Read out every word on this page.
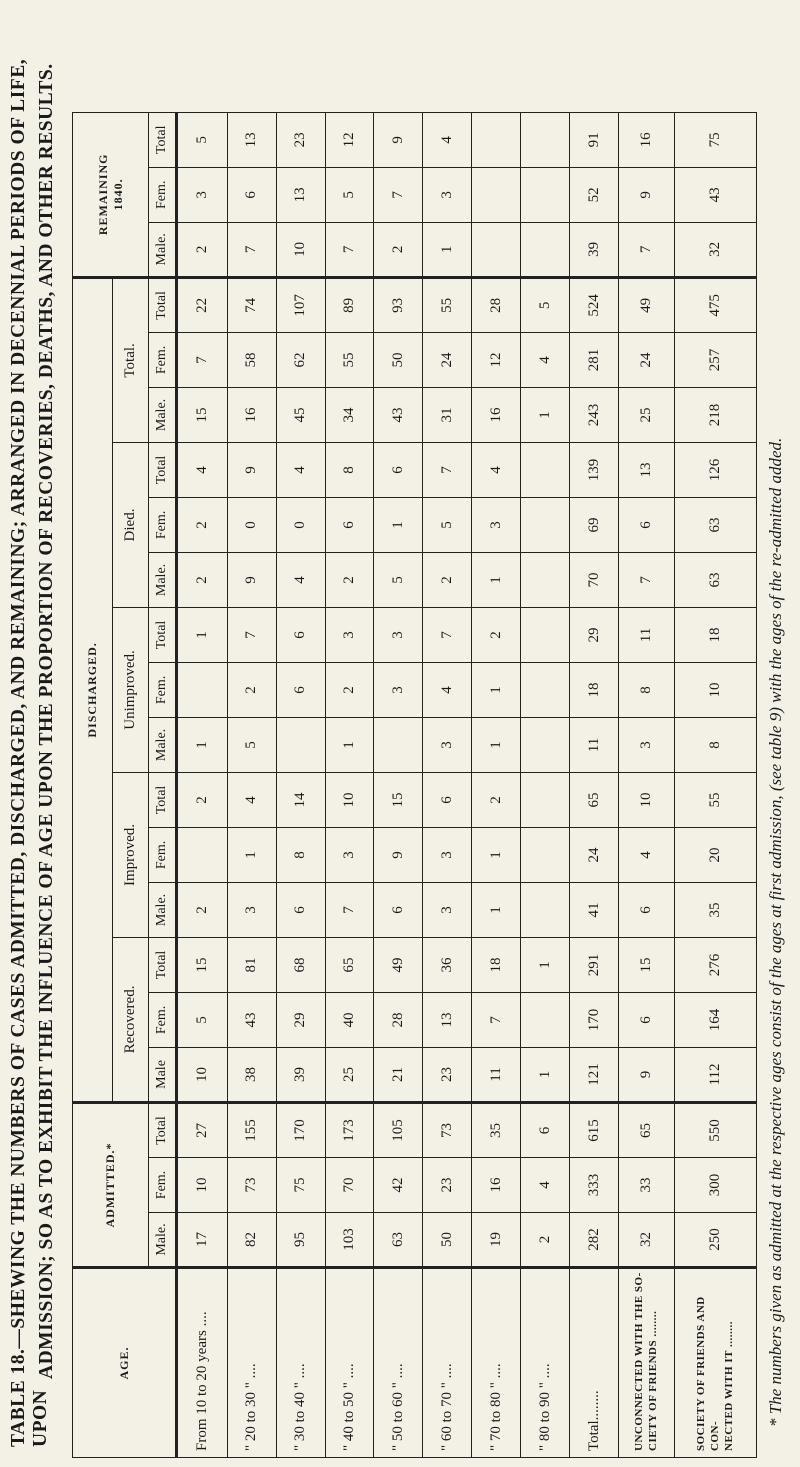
TABLE 18.—SHEWING THE NUMBERS OF CASES ADMITTED, DISCHARGED, AND REMAINING; ARRANGED IN DECENNIAL PERIODS OF LIFE, UPON
ADMISSION; SO AS TO EXHIBIT THE INFLUENCE OF AGE UPON THE PROPORTION OF RECOVERIES, DEATHS, AND OTHER RESULTS.	AGE.	ADMITTED.*			DISCHARGED.															REMAINING
1840.		
				Recovered.			Improved.			Unimproved.			Died.			Total.					
	Male.	Fem.	Total	Male	Fem.	Total	Male.	Fem.	Total	Male.	Fem.	Total	Male.	Fem.	Total	Male.	Fem.	Total	Male.	Fem.	Total
From 10 to 20 years ....	17	10	27	10	5	15	2		2	1		1	2	2	4	15	7	22	2	3	5
" 20 to 30 " ....	82	73	155	38	43	81	3	1	4	5	2	7	9	0	9	16	58	74	7	6	13
" 30 to 40 " ....	95	75	170	39	29	68	6	8	14		6	6	4	0	4	45	62	107	10	13	23
" 40 to 50 " ....	103	70	173	25	40	65	7	3	10	1	2	3	2	6	8	34	55	89	7	5	12
" 50 to 60 " ....	63	42	105	21	28	49	6	9	15		3	3	5	1	6	43	50	93	2	7	9
" 60 to 70 " ....	50	23	73	23	13	36	3	3	6	3	4	7	2	5	7	31	24	55	1	3	4
" 70 to 80 " ....	19	16	35	11	7	18	1	1	2	1	1	2	1	3	4	16	12	28			
" 80 to 90 " ....	2	4	6	1		1										1	4	5			
Total........	282	333	615	121	170	291	41	24	65	11	18	29	70	69	139	243	281	524	39	52	91

UNCONNECTED WITH THE SO- CIETY OF FRIENDS ........	32	33	65	9	6	15	6	4	10	3	8	11	7	6	13	25	24	49	7	9	16

SOCIETY OF FRIENDS AND CON- NECTED WITH IT ........	250	300	550	112	164	276	35	20	55	8	10	18	63	63	126	218	257	475	32	43	75
* The numbers given as admitted at the respective ages consist of the ages at first admission, (see table 9) with the ages of the re-admitted added.
